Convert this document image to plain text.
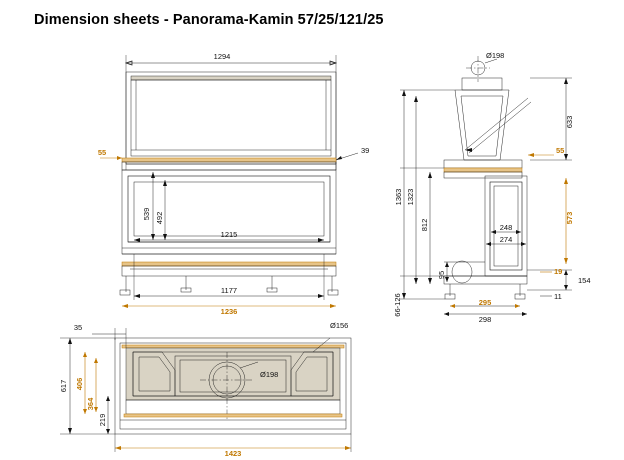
Dimension sheets - Panorama-Kamin 57/25/121/25
1294
1215
1177
1236
539 492
55	39
Ø198
633
1363 1323
812
573
55
248
274
95
154
19
11
295
298
66-126
35	Ø156
Ø198
617 406
364
219
1423
